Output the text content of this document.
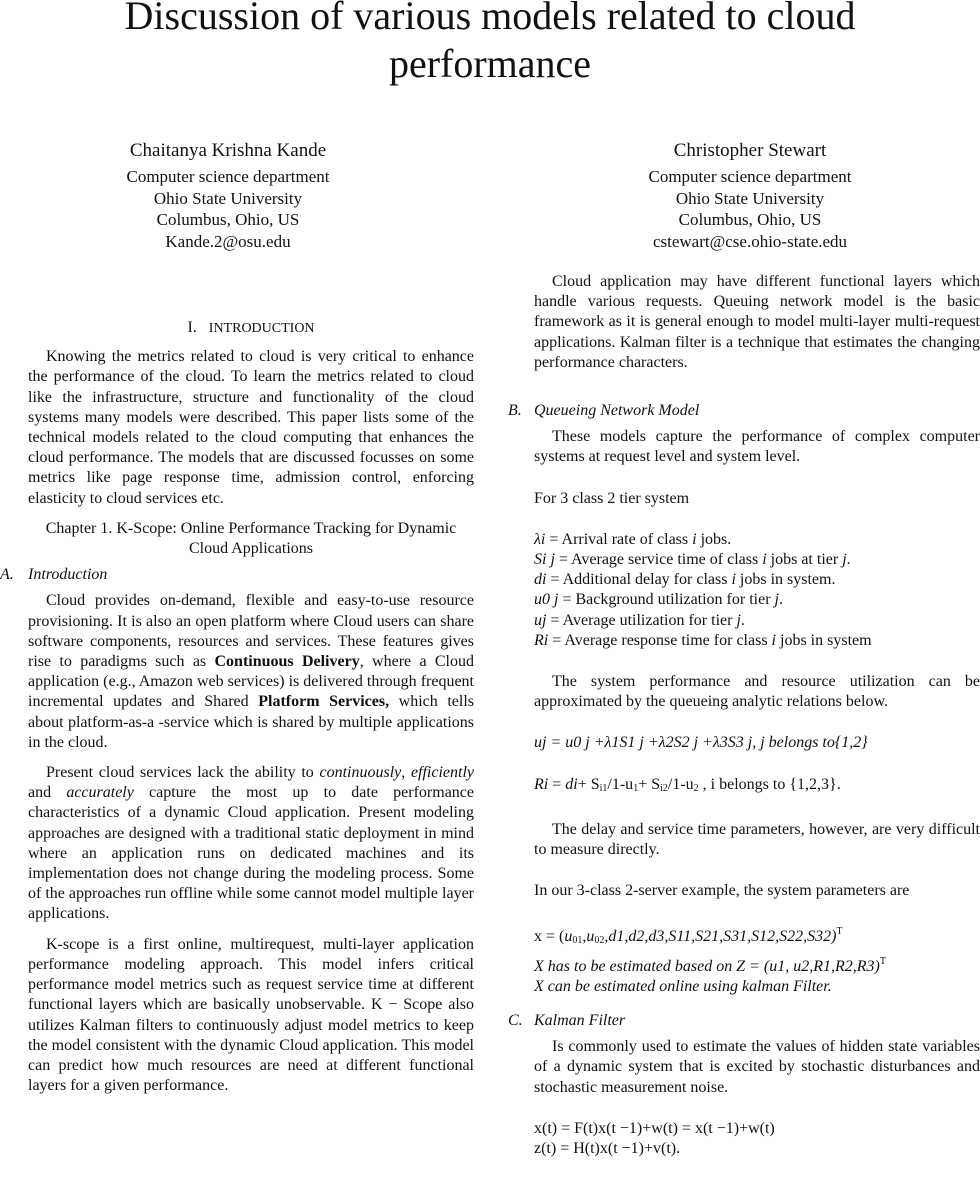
Discussion of various models related to cloud performance
Chaitanya Krishna Kande
Computer science department
Ohio State University
Columbus, Ohio, US
Kande.2@osu.edu
Christopher Stewart
Computer science department
Ohio State University
Columbus, Ohio, US
cstewart@cse.ohio-state.edu
I. INTRODUCTION

Knowing the metrics related to cloud is very critical to enhance the performance of the cloud. To learn the metrics related to cloud like the infrastructure, structure and functionality of the cloud systems many models were described. This paper lists some of the technical models related to the cloud computing that enhances the cloud performance. The models that are discussed focusses on some metrics like page response time, admission control, enforcing elasticity to cloud services etc.

Chapter 1. K-Scope: Online Performance Tracking for Dynamic Cloud Applications
A. Introduction

Cloud provides on-demand, flexible and easy-to-use resource provisioning. It is also an open platform where Cloud users can share software components, resources and services. These features gives rise to paradigms such as Continuous Delivery, where a Cloud application (e.g., Amazon web services) is delivered through frequent incremental updates and Shared Platform Services, which tells about platform-as-a -service which is shared by multiple applications in the cloud.

Present cloud services lack the ability to continuously, efficiently and accurately capture the most up to date performance characteristics of a dynamic Cloud application. Present modeling approaches are designed with a traditional static deployment in mind where an application runs on dedicated machines and its implementation does not change during the modeling process. Some of the approaches run offline while some cannot model multiple layer applications.

K-scope is a first online, multirequest, multi-layer application performance modeling approach. This model infers critical performance model metrics such as request service time at different functional layers which are basically unobservable. K − Scope also utilizes Kalman filters to continuously adjust model metrics to keep the model consistent with the dynamic Cloud application. This model can predict how much resources are need at different functional layers for a given performance.

Cloud application may have different functional layers which handle various requests. Queuing network model is the basic framework as it is general enough to model multi-layer multi-request applications. Kalman filter is a technique that estimates the changing performance characters.

B. Queueing Network Model

These models capture the performance of complex computer systems at request level and system level.

For 3 class 2 tier system

λi = Arrival rate of class i jobs.

Si j = Average service time of class i jobs at tier j.

di = Additional delay for class i jobs in system.

u0 j = Background utilization for tier j.

uj = Average utilization for tier j.

Ri = Average response time for class i jobs in system

The system performance and resource utilization can be approximated by the queueing analytic relations below.

uj = u0 j +λ1S1 j +λ2S2 j +λ3S3 j, j belongs to{1,2}

$Ri = di+ S_{i1}/1-u_1+ S_{i2}/1-u_2$ , i belongs to {1,2,3}.

The delay and service time parameters, however, are very difficult to measure directly.

In our 3-class 2-server example, the system parameters are

$x = (u_{01},u_{02},d1,d2,d3,S11,S21,S31,S12,S22,S32)^T$

X has to be estimated based on Z = (u1, u2,R1,R2,R3)$^T$

X can be estimated online using kalman Filter.

C. Kalman Filter

Is commonly used to estimate the values of hidden state variables of a dynamic system that is excited by stochastic disturbances and stochastic measurement noise.

x(t) = F(t)x(t −1)+w(t) = x(t −1)+w(t)

z(t) = H(t)x(t −1)+v(t).
